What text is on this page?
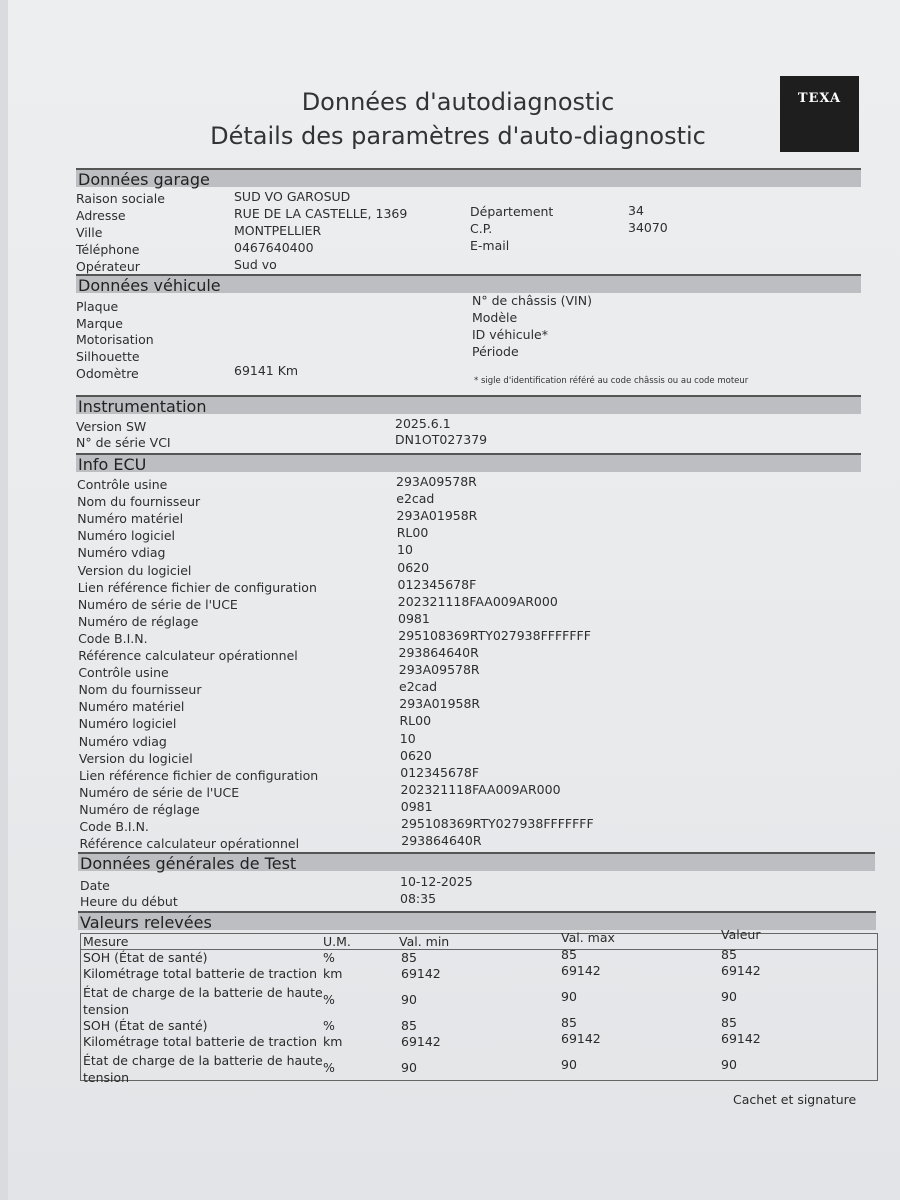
Données d'autodiagnostic
Détails des paramètres d'auto-diagnostic
TEXA
Données garage
Raison sociale	SUD VO GAROSUD
Adresse	RUE DE LA CASTELLE, 1369
Ville	MONTPELLIER
Téléphone	0467640400
Opérateur	Sud vo
Département	34
C.P.	34070
E-mail
Données véhicule
Plaque
Marque
Motorisation
Silhouette
Odomètre	69141 Km
N° de châssis (VIN)
Modèle
ID véhicule*
Période
* sigle d'identification référé au code châssis ou au code moteur
Instrumentation
Version SW	2025.6.1
N° de série VCI	DN1OT027379
Info ECU
Contrôle usine	293A09578R
Nom du fournisseur	e2cad
Numéro matériel	293A01958R
Numéro logiciel	RL00
Numéro vdiag	10
Version du logiciel	0620
Lien référence fichier de configuration	012345678F
Numéro de série de l'UCE	202321118FAA009AR000
Numéro de réglage	0981
Code B.I.N.	295108369RTY027938FFFFFFF
Référence calculateur opérationnel	293864640R
Contrôle usine	293A09578R
Nom du fournisseur	e2cad
Numéro matériel	293A01958R
Numéro logiciel	RL00
Numéro vdiag	10
Version du logiciel	0620
Lien référence fichier de configuration	012345678F
Numéro de série de l'UCE	202321118FAA009AR000
Numéro de réglage	0981
Code B.I.N.	295108369RTY027938FFFFFFF
Référence calculateur opérationnel	293864640R
Données générales de Test
Date	10-12-2025
Heure du début	08:35
Valeurs relevées
Mesure	U.M.	Val. min	Val. max	Valeur
SOH (État de santé)	%	85	85	85
Kilométrage total batterie de traction km	69142	69142	69142
État de charge de la batterie de haute tension
%	90	90	90
SOH (État de santé)	%	85	85	85
Kilométrage total batterie de traction km	69142	69142	69142
État de charge de la batterie de haute tension
%	90	90	90
Cachet et signature
